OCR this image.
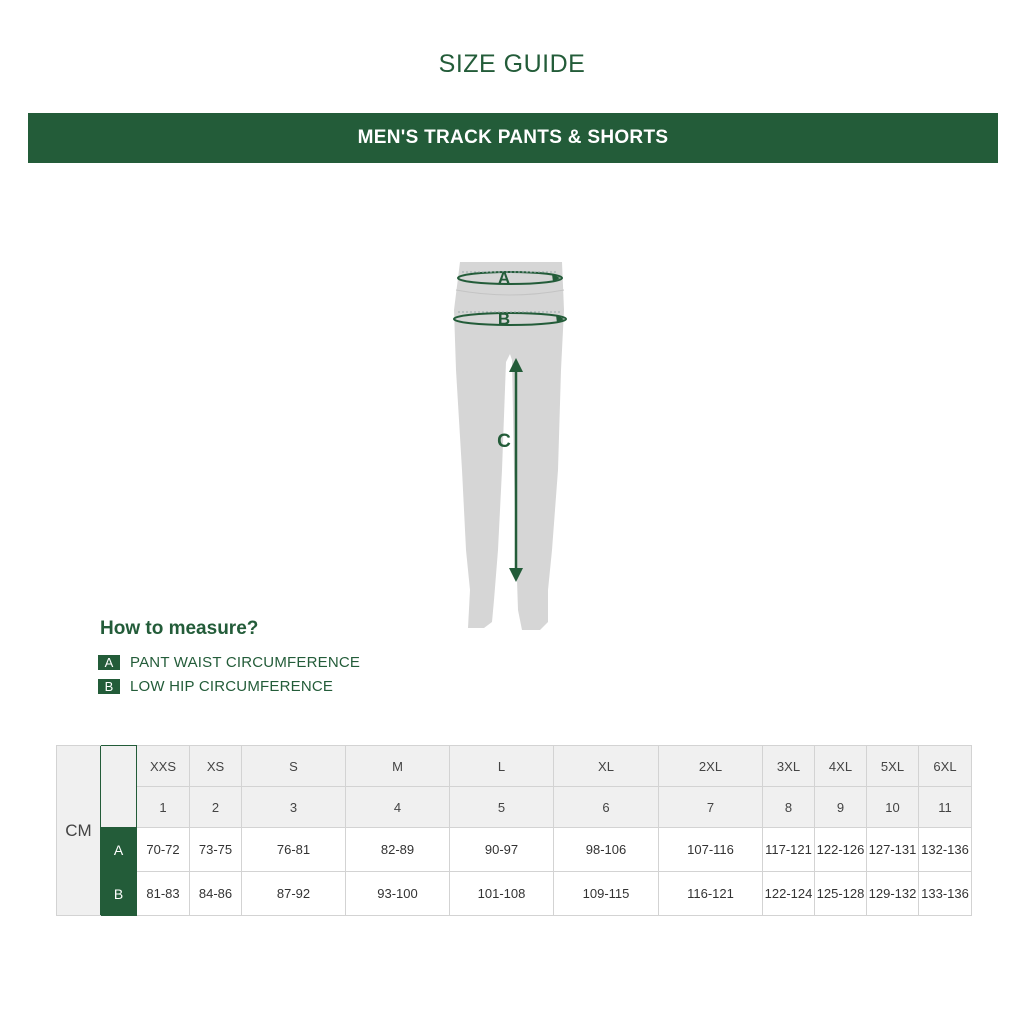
SIZE GUIDE
MEN'S TRACK PANTS & SHORTS
A
B
C
How to measure?
A	PANT WAIST CIRCUMFERENCE
B	LOW HIP CIRCUMFERENCE
CM		XXS	XS	S	M	L	XL	2XL	3XL	4XL	5XL	6XL
		1	2	3	4	5	6	7	8	9	10	11
	A	70-72	73-75	76-81	82-89	90-97	98-106	107-116	117-121	122-126	127-131	132-136
	B	81-83	84-86	87-92	93-100	101-108	109-115	116-121	122-124	125-128	129-132	133-136
